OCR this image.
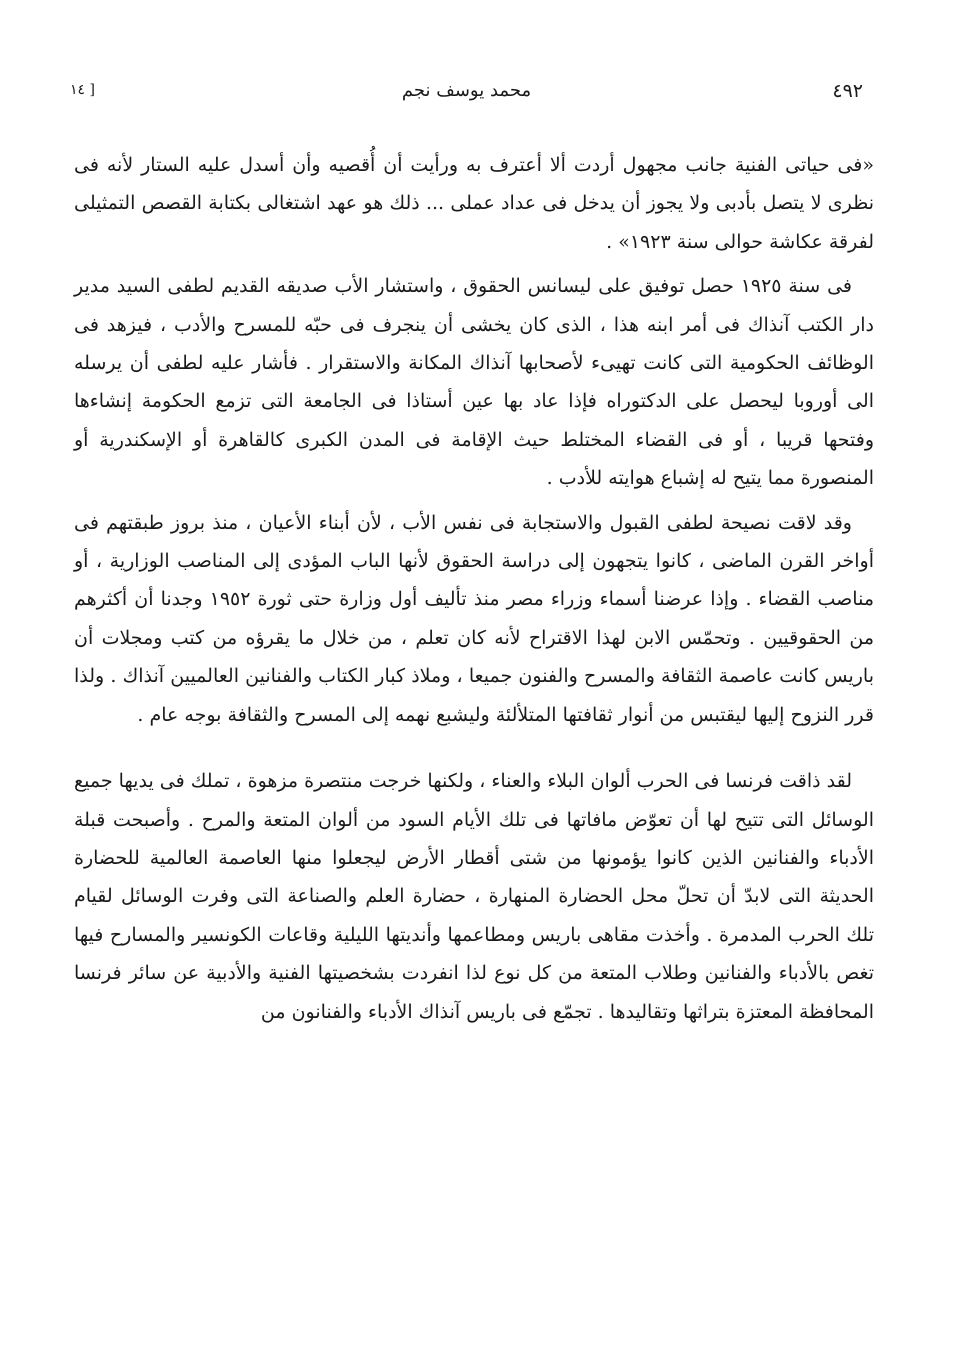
٤٩٢
محمد يوسف نجم
[ ١٤

«فى حياتى الفنية جانب مجهول أردت ألا أعترف به ورأيت أن أُقصيه وأن أسدل عليه الستار لأنه فى نظرى لا يتصل بأدبى ولا يجوز أن يدخل فى عداد عملى ... ذلك هو عهد اشتغالى بكتابة القصص التمثيلى لفرقة عكاشة حوالى سنة ١٩٢٣» .

فى سنة ١٩٢٥ حصل توفيق على ليسانس الحقوق ، واستشار الأب صديقه القديم لطفى السيد مدير دار الكتب آنذاك فى أمر ابنه هذا ، الذى كان يخشى أن ينجرف فى حبّه للمسرح والأدب ، فيزهد فى الوظائف الحكومية التى كانت تهيىء لأصحابها آنذاك المكانة والاستقرار . فأشار عليه لطفى أن يرسله الى أوروبا ليحصل على الدكتوراه فإذا عاد بها عين أستاذا فى الجامعة التى تزمع الحكومة إنشاءها وفتحها قريبا ، أو فى القضاء المختلط حيث الإقامة فى المدن الكبرى كالقاهرة أو الإسكندرية أو المنصورة مما يتيح له إشباع هوايته للأدب .

وقد لاقت نصيحة لطفى القبول والاستجابة فى نفس الأب ، لأن أبناء الأعيان ، منذ بروز طبقتهم فى أواخر القرن الماضى ، كانوا يتجهون إلى دراسة الحقوق لأنها الباب المؤدى إلى المناصب الوزارية ، أو مناصب القضاء . وإذا عرضنا أسماء وزراء مصر منذ تأليف أول وزارة حتى ثورة ١٩٥٢ وجدنا أن أكثرهم من الحقوقيين . وتحمّس الابن لهذا الاقتراح لأنه كان تعلم ، من خلال ما يقرؤه من كتب ومجلات أن باريس كانت عاصمة الثقافة والمسرح والفنون جميعا ، وملاذ كبار الكتاب والفنانين العالميين آنذاك . ولذا قرر النزوح إليها ليقتبس من أنوار ثقافتها المتلألئة وليشبع نهمه إلى المسرح والثقافة بوجه عام .

لقد ذاقت فرنسا فى الحرب ألوان البلاء والعناء ، ولكنها خرجت منتصرة مزهوة ، تملك فى يديها جميع الوسائل التى تتيح لها أن تعوّض مافاتها فى تلك الأيام السود من ألوان المتعة والمرح . وأصبحت قبلة الأدباء والفنانين الذين كانوا يؤمونها من شتى أقطار الأرض ليجعلوا منها العاصمة العالمية للحضارة الحديثة التى لابدّ أن تحلّ محل الحضارة المنهارة ، حضارة العلم والصناعة التى وفرت الوسائل لقيام تلك الحرب المدمرة . وأخذت مقاهى باريس ومطاعمها وأنديتها الليلية وقاعات الكونسير والمسارح فيها تغص بالأدباء والفنانين وطلاب المتعة من كل نوع لذا انفردت بشخصيتها الفنية والأدبية عن سائر فرنسا المحافظة المعتزة بتراثها وتقاليدها . تجمّع فى باريس آنذاك الأدباء والفنانون من
